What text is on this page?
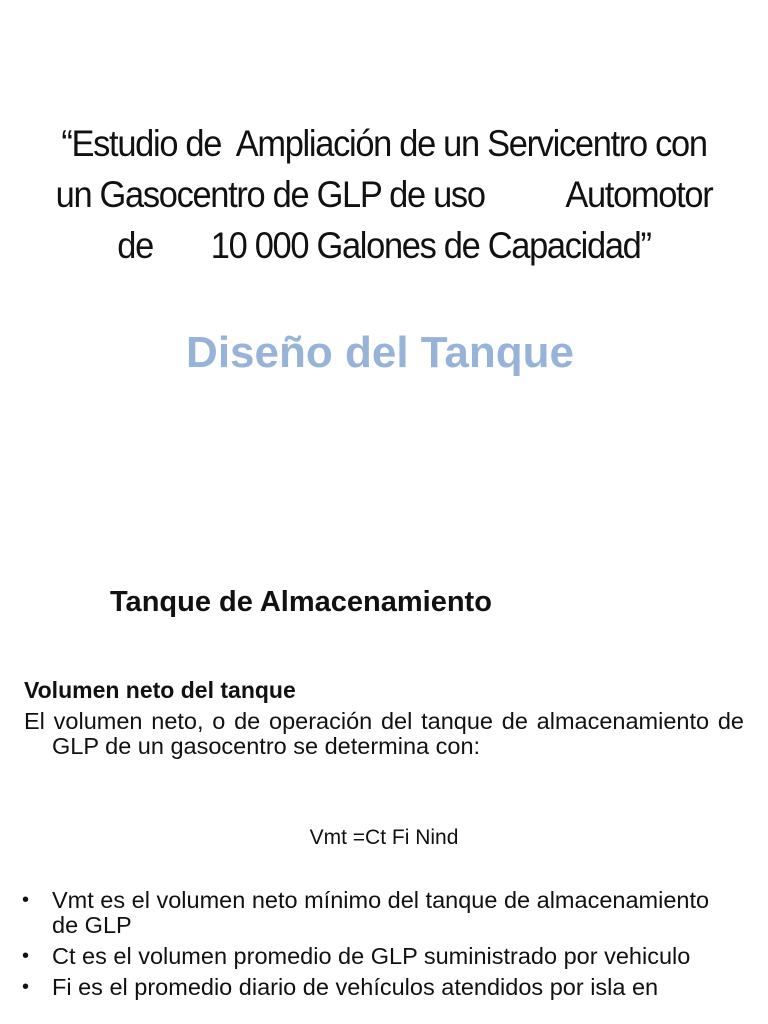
“Estudio de  Ampliación de un Servicentro con
un Gasocentro de GLP de uso          Automotor
de       10 000 Galones de Capacidad”
Diseño del Tanque
Tanque de Almacenamiento
Volumen neto del tanque

El volumen neto, o de operación del tanque de almacenamiento de GLP de un gasocentro se determina con:

Vmt =Ct Fi Nind
• Vmt es el volumen neto mínimo del tanque de almacenamiento de GLP
• Ct es el volumen promedio de GLP suministrado por vehiculo
• Fi es el promedio diario de vehículos atendidos por isla en
